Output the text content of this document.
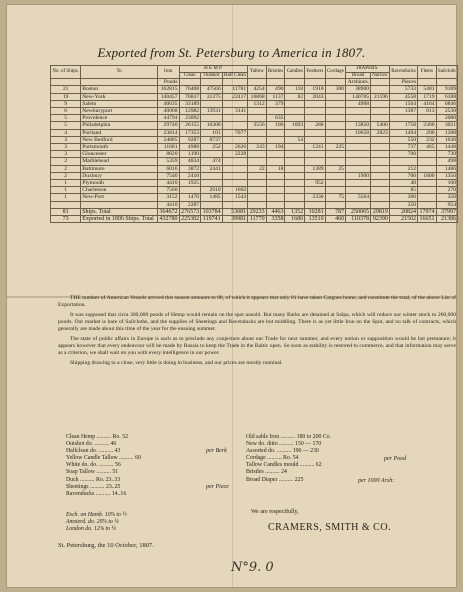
Exported from St. Petersburg to America in 1807.
No. of Ships.	To	Iron	H E M P.			Tallow	Bristles	Candles	Feathers	Cordage	DIAPERS.		Ravenducks	Flems	Sailcloth
			Clean	Outshot	Half Clean						Broad	Narrow			
		Poods									Arshines.		Pieces		
21	Boston	162815	76408	47566	11781	4254	490	118	1918	300	38900		5733	5481	9189
19	New-York	140457	76837	31375	22417	16868	1137	82	2043		140705	21596	4558	1719	6188
9	Salem	40635	33189			1312	379				4908		1564	4164	6846
6	Newburyport	40068	12982	13931	3141								1387	813	2530
5	Providence	44794	23092				635								2080
5	Philadelphia	29740	26155	16308		3556	106	1093	288		13850	5400	1758	2360	3021
4	Portland	23814	17353	101	7077						10658	2823	1494	200	1288
3	New Bedford	24885	9287	8737				54					550	232	1630
3	Portsmouth	11681	4988	252	2626	243	194		1241	225			737	465	1448
3	Gloucester	8820	1190		2228								700		730
2	Marblehead	5359	4834	474											498
2	Baltimore	6016	3872	2441		22	18		1389	25			212		1486
2	Duxbury	7540	2410								1900		700	1800	1350
1	Plymouth	4410	1925						952				40		100
1	Charleston	7560		2910	1602								85		270
1	New-Port	3152	1476	1485	1543				2330	75	5564		300		350
		4410	2287										350		954
81	Ships. Total	364672	276573	103784	53081	29233	4463	1352	10281	787	250065	29819	20824	17974	37997
73	Exported in 1806 Ships. Total	432780	225382	119741	39981	11770	3358	1680	13510	460	110378	92390	21502	16651	21386

THE number of American Vessels arrived this season amounts to 88, of which it appears that only 81 have taken Cargoes home, and constitute the total, of the above List of Exportation.

It was supposed that circa 300,000 poods of Hemp would remain on the spot unsold. But many Barks are detained at Salpa, which will reduce our winter stock to 260,000 poods. Our market is bare of Sailcloths, and the supplies of Sheetings and Ravenducks are but middling. There is as yet little Iron on the Spot, and no talk of contracts, which generally are made about this time of the year for the ensuing summer.

The state of public affairs in Europe is such as to preclude any conjecture about our Trade for next summer, and every notion or supposition would be but premature; it appears however that every endeavour will be made by Russia to keep the Trade in the Baltic open. So soon as stability is restored to commerce, and that information may serve as a criterion, we shall wait on you with every intelligence in our power.

Shipping drawing to a close, very little is doing in business, and our prices are mostly nominal.

Clean Hemp .......... Ro. 52
Outshot do. .......... 46
Halfclean do. .......... 43
Yellow Candle Tallow .......... 60
White do. do. .......... 56
Soap Tallow .......... 51
Duck .......... Ro. 23..33
Sheetings .......... 23..25
Ravenducks .......... 14..16
per Berk
per Piece
Old sable Iron .......... 180 to 200 Co.
New do. ditto .......... 150 — 170
Assorted do. .......... 190 — 230
Cordage .......... Ro. 54
Tallow Candles mould .......... 62
Bristles .......... 24
Broad Diaper .......... 225
per Pood
per 1000 Arsh:
Exch. on Hamb. 10⅞ to ½
Amsterd. do. 20⅞ to ¼
London do. 12⅜ to ¼
We are respectfully,
CRAMERS, SMITH & CO.
St. Petersburg, the 10 October, 1807.
N°9. 0
